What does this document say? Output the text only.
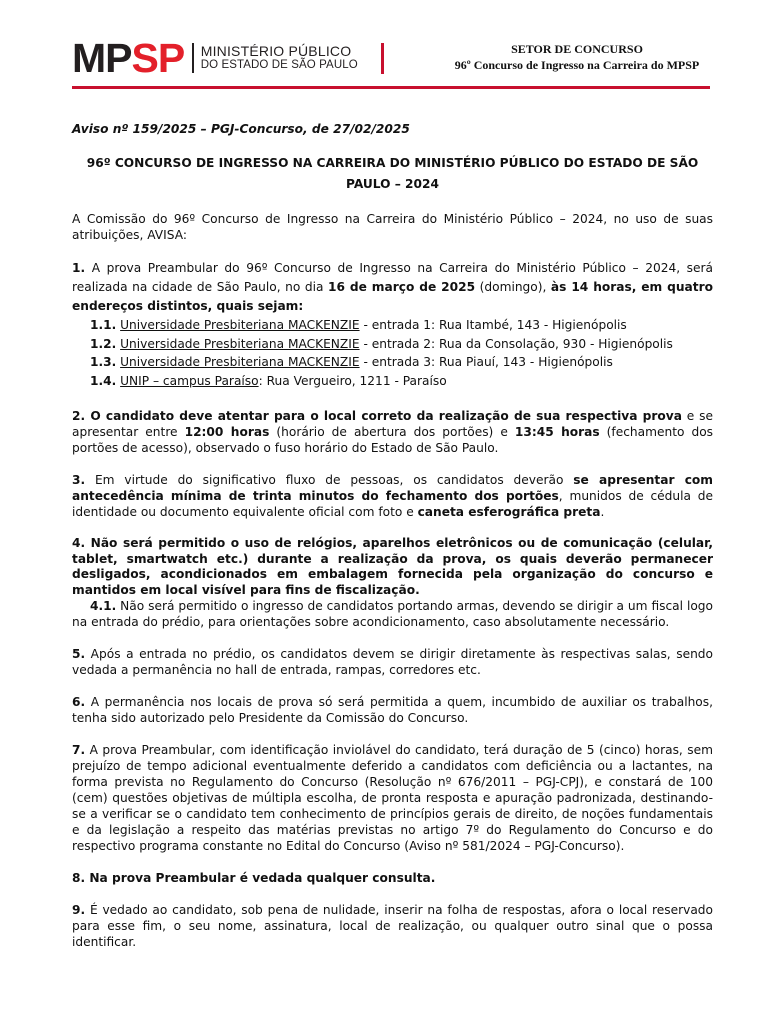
MP SP MINISTÉRIO PÚBLICO
DO ESTADO DE SÃO PAULO
SETOR DE CONCURSO
96º Concurso de Ingresso na Carreira do MPSP

Aviso nº 159/2025 – PGJ-Concurso, de 27/02/2025

96º CONCURSO DE INGRESSO NA CARREIRA DO MINISTÉRIO PÚBLICO DO ESTADO DE SÃO PAULO – 2024

A Comissão do 96º Concurso de Ingresso na Carreira do Ministério Público – 2024, no uso de suas atribuições, AVISA:

1. A prova Preambular do 96º Concurso de Ingresso na Carreira do Ministério Público – 2024, será realizada na cidade de São Paulo, no dia 16 de março de 2025 (domingo), às 14 horas, em quatro endereços distintos, quais sejam:

1.1. Universidade Presbiteriana MACKENZIE - entrada 1: Rua Itambé, 143 - Higienópolis

1.2. Universidade Presbiteriana MACKENZIE - entrada 2: Rua da Consolação, 930 - Higienópolis

1.3. Universidade Presbiteriana MACKENZIE - entrada 3: Rua Piauí, 143 - Higienópolis

1.4. UNIP – campus Paraíso: Rua Vergueiro, 1211 - Paraíso

2. O candidato deve atentar para o local correto da realização de sua respectiva prova e se apresentar entre 12:00 horas (horário de abertura dos portões) e 13:45 horas (fechamento dos portões de acesso), observado o fuso horário do Estado de São Paulo.

3. Em virtude do significativo fluxo de pessoas, os candidatos deverão se apresentar com antecedência mínima de trinta minutos do fechamento dos portões, munidos de cédula de identidade ou documento equivalente oficial com foto e caneta esferográfica preta.

4. Não será permitido o uso de relógios, aparelhos eletrônicos ou de comunicação (celular, tablet, smartwatch etc.) durante a realização da prova, os quais deverão permanecer desligados, acondicionados em embalagem fornecida pela organização do concurso e mantidos em local visível para fins de fiscalização.

4.1. Não será permitido o ingresso de candidatos portando armas, devendo se dirigir a um fiscal logo na entrada do prédio, para orientações sobre acondicionamento, caso absolutamente necessário.

5. Após a entrada no prédio, os candidatos devem se dirigir diretamente às respectivas salas, sendo vedada a permanência no hall de entrada, rampas, corredores etc.

6. A permanência nos locais de prova só será permitida a quem, incumbido de auxiliar os trabalhos, tenha sido autorizado pelo Presidente da Comissão do Concurso.

7. A prova Preambular, com identificação inviolável do candidato, terá duração de 5 (cinco) horas, sem prejuízo de tempo adicional eventualmente deferido a candidatos com deficiência ou a lactantes, na forma prevista no Regulamento do Concurso (Resolução nº 676/2011 – PGJ-CPJ), e constará de 100 (cem) questões objetivas de múltipla escolha, de pronta resposta e apuração padronizada, destinando-se a verificar se o candidato tem conhecimento de princípios gerais de direito, de noções fundamentais e da legislação a respeito das matérias previstas no artigo 7º do Regulamento do Concurso e do respectivo programa constante no Edital do Concurso (Aviso nº 581/2024 – PGJ-Concurso).

8. Na prova Preambular é vedada qualquer consulta.

9. É vedado ao candidato, sob pena de nulidade, inserir na folha de respostas, afora o local reservado para esse fim, o seu nome, assinatura, local de realização, ou qualquer outro sinal que o possa identificar.
